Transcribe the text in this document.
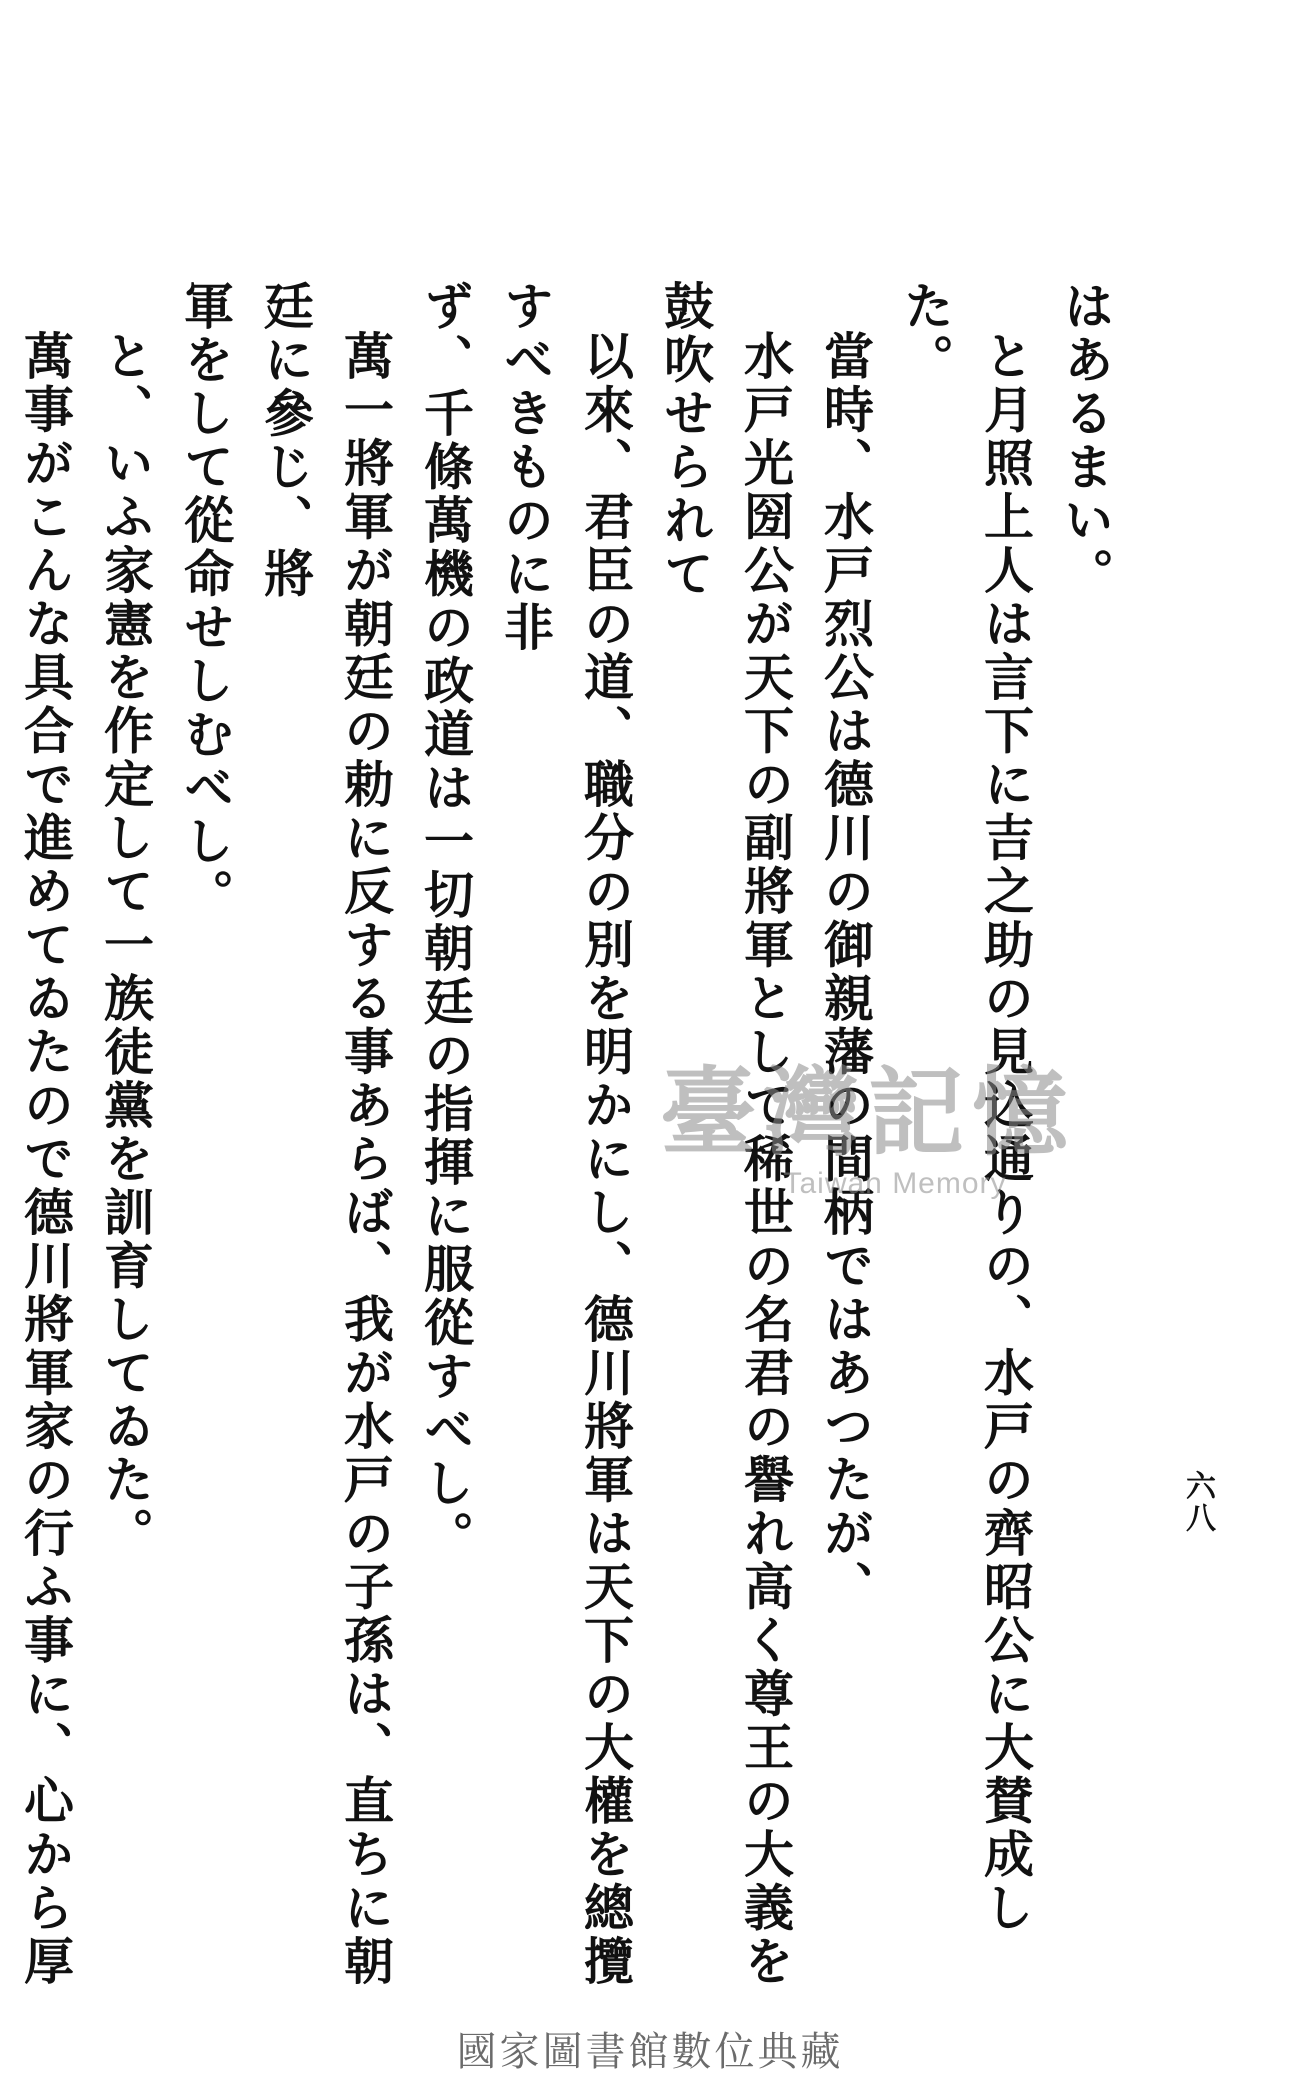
六八
はあるまい。
と月照上人は言下に吉之助の見込通りの、水戸の齊昭公に大賛成した。
當時、水戸烈公は德川の御親藩の間柄ではあつたが、
水戸光圀公が天下の副將軍として稀世の名君の譽れ高く尊王の大義を鼓吹せられて
以來、君臣の道、職分の別を明かにし、德川將軍は天下の大權を總攬すべきものに非
ず、千條萬機の政道は一切朝廷の指揮に服從すべし。
萬一將軍が朝廷の勅に反する事あらば、我が水戸の子孫は、直ちに朝廷に參じ、將
軍をして從命せしむべし。
と、いふ家憲を作定して一族徒黨を訓育してゐた。
萬事がこんな具合で進めてゐたので德川將軍家の行ふ事に、心から厚
臺灣記憶
Taiwan Memory
國家圖書館數位典藏
